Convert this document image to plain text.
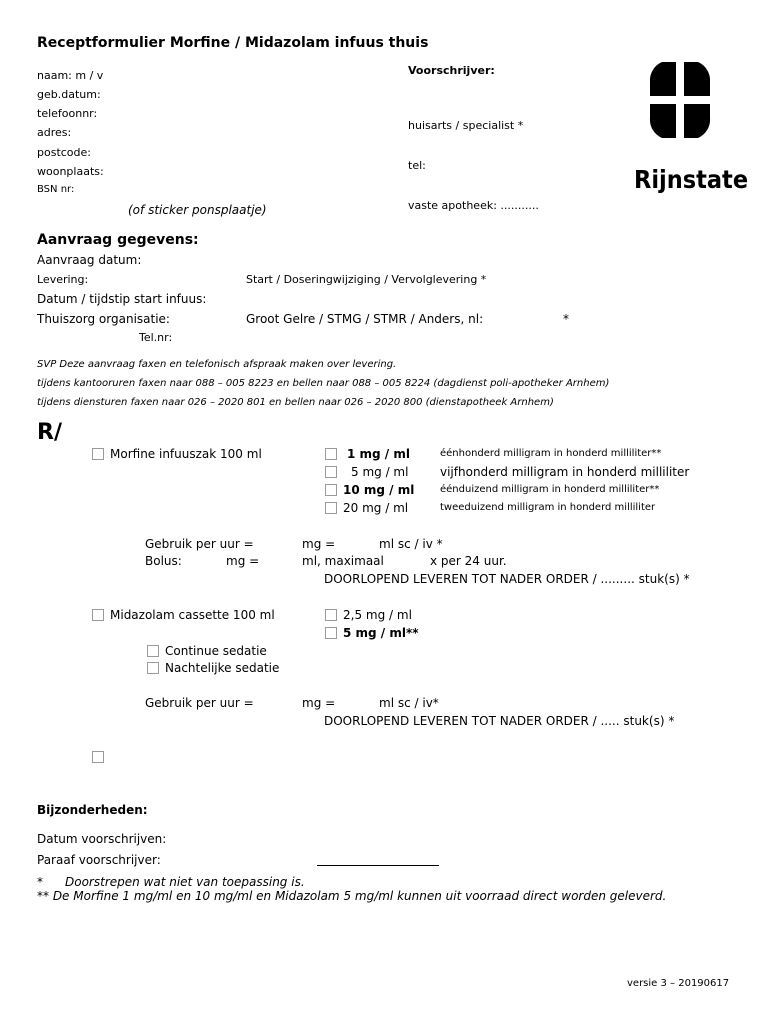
Receptformulier Morfine / Midazolam infuus thuis
naam: m / v
geb.datum:
telefoonnr:
adres:
postcode:
woonplaats:
BSN nr:
(of sticker ponsplaatje)
Voorschrijver:
huisarts / specialist *
tel:
vaste apotheek: ...........
Rijnstate
Aanvraag gegevens:
Aanvraag datum:
Levering:	Start / Doseringwijziging / Vervolglevering *
Datum / tijdstip start infuus:
Thuiszorg organisatie:	Groot Gelre / STMG / STMR / Anders, nl:	*
Tel.nr:
SVP Deze aanvraag faxen en telefonisch afspraak maken over levering.
tijdens kantooruren faxen naar 088 – 005 8223 en bellen naar 088 – 005 8224 (dagdienst poli-apotheker Arnhem)
tijdens diensturen faxen naar 026 – 2020 801 en bellen naar 026 – 2020 800 (dienstapotheek Arnhem)
R/
Morfine infuuszak 100 ml	1 mg / ml	éénhonderd milligram in honderd milliliter**
5 mg / ml	vijfhonderd milligram in honderd milliliter
10 mg / ml	éénduizend milligram in honderd milliliter**
20 mg / ml	tweeduizend milligram in honderd milliliter
Gebruik per uur =	mg =	ml sc / iv *
Bolus:	mg =	ml, maximaal	x per 24 uur.
DOORLOPEND LEVEREN TOT NADER ORDER / ......... stuk(s) *
Midazolam cassette 100 ml	2,5 mg / ml
5 mg / ml**
Continue sedatie
Nachtelijke sedatie
Gebruik per uur =	mg =	ml sc / iv*
DOORLOPEND LEVEREN TOT NADER ORDER / ..... stuk(s) *
Bijzonderheden:
Datum voorschrijven:
Paraaf voorschrijver:
* Doorstrepen wat niet van toepassing is.
** De Morfine 1 mg/ml en 10 mg/ml en Midazolam 5 mg/ml kunnen uit voorraad direct worden geleverd.
versie 3 – 20190617
